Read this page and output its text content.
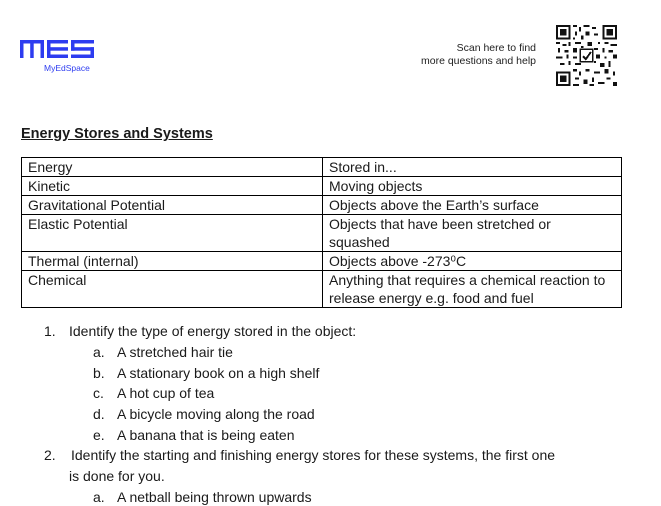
MyEdSpace
Scan here to find
more questions and help
Energy Stores and Systems
Energy	Stored in...
Kinetic	Moving objects
Gravitational Potential	Objects above the Earth’s surface
Elastic Potential	Objects that have been stretched or squashed
Thermal (internal)	Objects above -273⁰C
Chemical	Anything that requires a chemical reaction to release energy e.g. food and fuel
1. Identify the type of energy stored in the object:
a. A stretched hair tie
b. A stationary book on a high shelf
c. A hot cup of tea
d. A bicycle moving along the road
e. A banana that is being eaten
2. Identify the starting and finishing energy stores for these systems, the first one
is done for you.
a. A netball being thrown upwards
